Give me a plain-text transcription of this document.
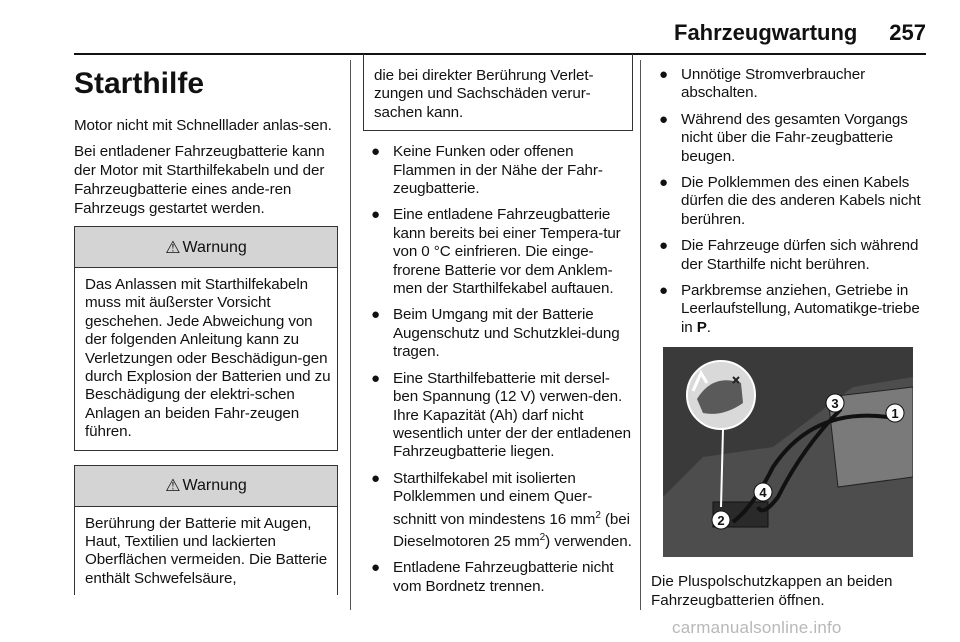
Fahrzeugwartung 257
Starthilfe

Motor nicht mit Schnelllader anlas-sen.

Bei entladener Fahrzeugbatterie kann der Motor mit Starthilfekabeln und der Fahrzeugbatterie eines ande-ren Fahrzeugs gestartet werden.

⚠ Warnung
Das Anlassen mit Starthilfekabeln muss mit äußerster Vorsicht geschehen. Jede Abweichung von der folgenden Anleitung kann zu Verletzungen oder Beschädigun-gen durch Explosion der Batterien und zu Beschädigung der elektri-schen Anlagen an beiden Fahr-zeugen führen.
⚠ Warnung
Berührung der Batterie mit Augen, Haut, Textilien und lackierten Oberflächen vermeiden. Die Batterie enthält Schwefelsäure,
die bei direkter Berührung Verlet-zungen und Sachschäden verur-sachen kann.
● Keine Funken oder offenen Flammen in der Nähe der Fahr-zeugbatterie.
● Eine entladene Fahrzeugbatterie kann bereits bei einer Tempera-tur von 0 °C einfrieren. Die einge-frorene Batterie vor dem Anklem-men der Starthilfekabel auftauen.
● Beim Umgang mit der Batterie Augenschutz und Schutzklei-dung tragen.
● Eine Starthilfebatterie mit dersel-ben Spannung (12 V) verwen-den. Ihre Kapazität (Ah) darf nicht wesentlich unter der der entladenen Fahrzeugbatterie liegen.
● Starthilfekabel mit isolierten Polklemmen und einem Quer-schnitt von mindestens 16 $mm^2$ (bei Dieselmotoren 25 $mm^2$) verwenden.
● Entladene Fahrzeugbatterie nicht vom Bordnetz trennen.
● Unnötige Stromverbraucher abschalten.
● Während des gesamten Vorgangs nicht über die Fahr-zeugbatterie beugen.
● Die Polklemmen des einen Kabels dürfen die des anderen Kabels nicht berühren.
● Die Fahrzeuge dürfen sich während der Starthilfe nicht berühren.
● Parkbremse anziehen, Getriebe in Leerlaufstellung, Automatikge-triebe in P.
1
2
3
4
Die Pluspolschutzkappen an beiden Fahrzeugbatterien öffnen.
carmanualsonline.info
